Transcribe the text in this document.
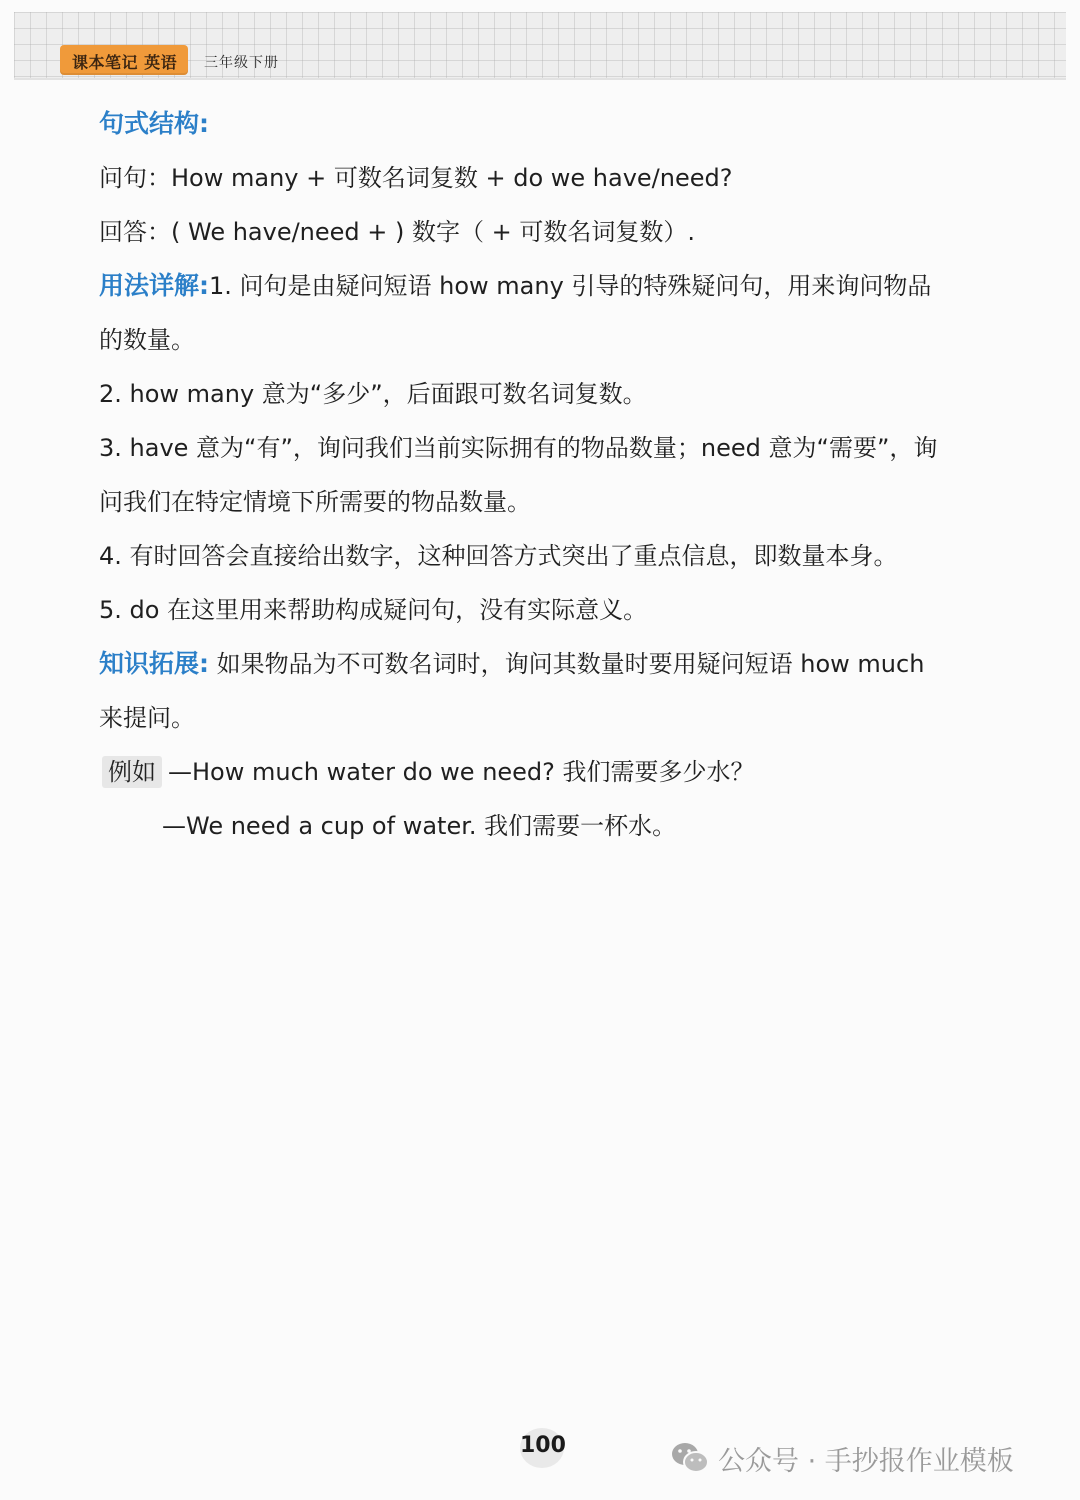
课本笔记 英语 三年级下册
句式结构:
问句：How many + 可数名词复数 + do we have/need?
回答：( We have/need + ) 数字（ + 可数名词复数）.
用法详解:1. 问句是由疑问短语 how many 引导的特殊疑问句，用来询问物品
的数量。
2. how many 意为“多少”，后面跟可数名词复数。
3. have 意为“有”，询问我们当前实际拥有的物品数量；need 意为“需要”，询
问我们在特定情境下所需要的物品数量。
4. 有时回答会直接给出数字，这种回答方式突出了重点信息，即数量本身。
5. do 在这里用来帮助构成疑问句，没有实际意义。
知识拓展: 如果物品为不可数名词时，询问其数量时要用疑问短语 how much
来提问。
例如 —How much water do we need? 我们需要多少水？
—We need a cup of water. 我们需要一杯水。
100	公众号 · 手抄报作业模板
